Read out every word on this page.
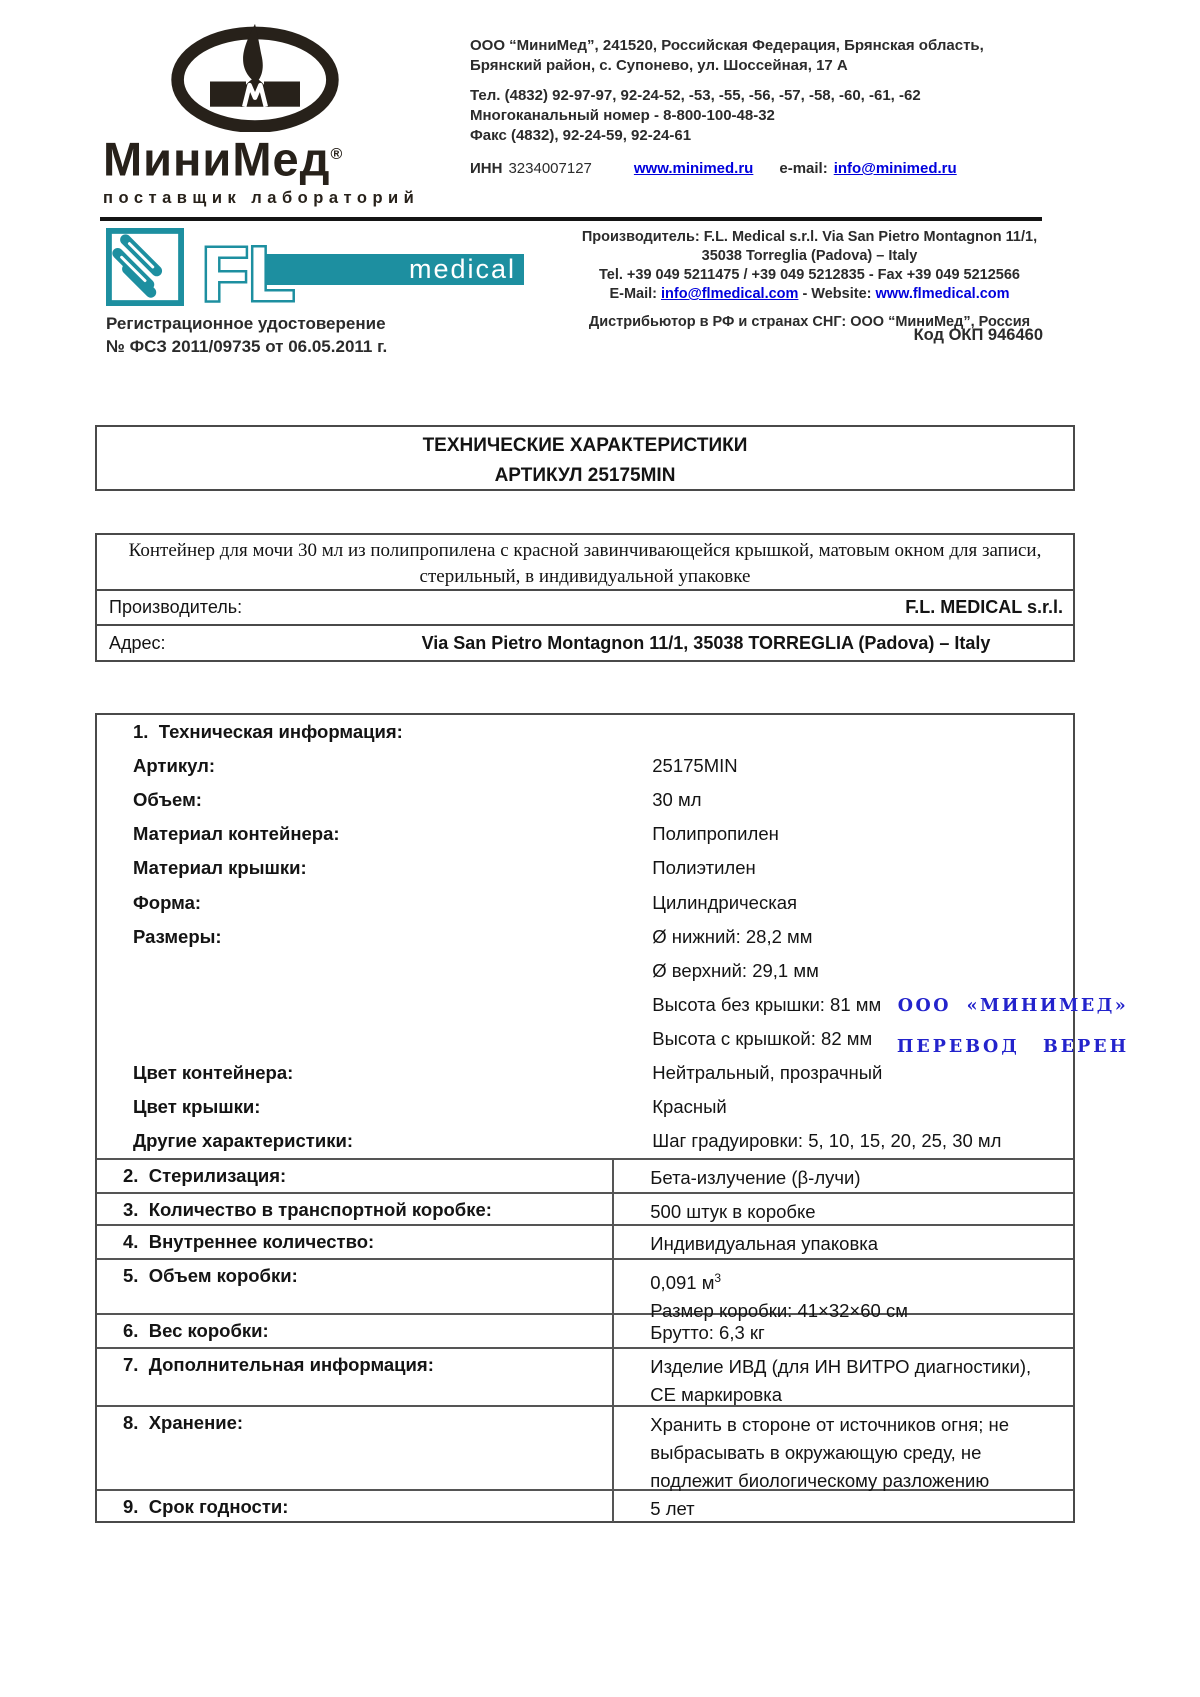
МиниМед®
поставщик лабораторий
ООО “МиниМед”, 241520, Российская Федерация, Брянская область,
Брянский район, с. Супонево, ул. Шоссейная, 17 А
Тел. (4832) 92-97-97, 92-24-52, -53, -55, -56, -57, -58, -60, -61, -62
Многоканальный номер - 8-800-100-48-32
Факс (4832), 92-24-59, 92-24-61
ИНН 3234007127	www.minimed.ru e-mail: info@minimed.ru
FL	medical
Производитель: F.L. Medical s.r.l. Via San Pietro Montagnon 11/1,
35038 Torreglia (Padova) – Italy
Tel. +39 049 5211475 / +39 049 5212835 - Fax +39 049 5212566
E-Mail: info@flmedical.com - Website: www.flmedical.com
Дистрибьютор в РФ и странах СНГ: ООО “МиниМед”, Россия
Регистрационное удостоверение
№ ФСЗ 2011/09735 от 06.05.2011 г.
Код ОКП 946460
ТЕХНИЧЕСКИЕ ХАРАКТЕРИСТИКИ
АРТИКУЛ 25175MIN
Контейнер для мочи 30 мл из полипропилена с красной завинчивающейся крышкой, матовым окном для записи, стерильный, в индивидуальной упаковке
Производитель:	F.L. MEDICAL s.r.l.
Адрес:	Via San Pietro Montagnon 11/1, 35038 TORREGLIA (Padova) – Italy
1.  Техническая информация:
Артикул:	25175MIN
Объем:	30 мл
Материал контейнера:	Полипропилен
Материал крышки:	Полиэтилен
Форма:	Цилиндрическая
Размеры:	Ø нижний: 28,2 мм
Ø верхний: 29,1 мм
Высота без крышки: 81 мм
Высота с крышкой: 82 мм
Цвет контейнера:	Нейтральный, прозрачный
Цвет крышки:	Красный
Другие характеристики:	Шаг градуировки: 5, 10, 15, 20, 25, 30 мл
2.  Стерилизация:	Бета-излучение (β-лучи)
3.  Количество в транспортной коробке:	500 штук в коробке
4.  Внутреннее количество:	Индивидуальная упаковка
5.  Объем коробки:	0,091 $м^3$
Размер коробки: 41×32×60 см
6.  Вес коробки:	Брутто: 6,3 кг
7.  Дополнительная информация:	Изделие ИВД (для ИН ВИТРО диагностики), СЕ маркировка
8.  Хранение:	Хранить в стороне от источников огня; не выбрасывать в окружающую среду, не подлежит биологическому разложению
9.  Срок годности:	5 лет
ООО «МИНИМЕД»
ПЕРЕВОД ВЕРЕН
